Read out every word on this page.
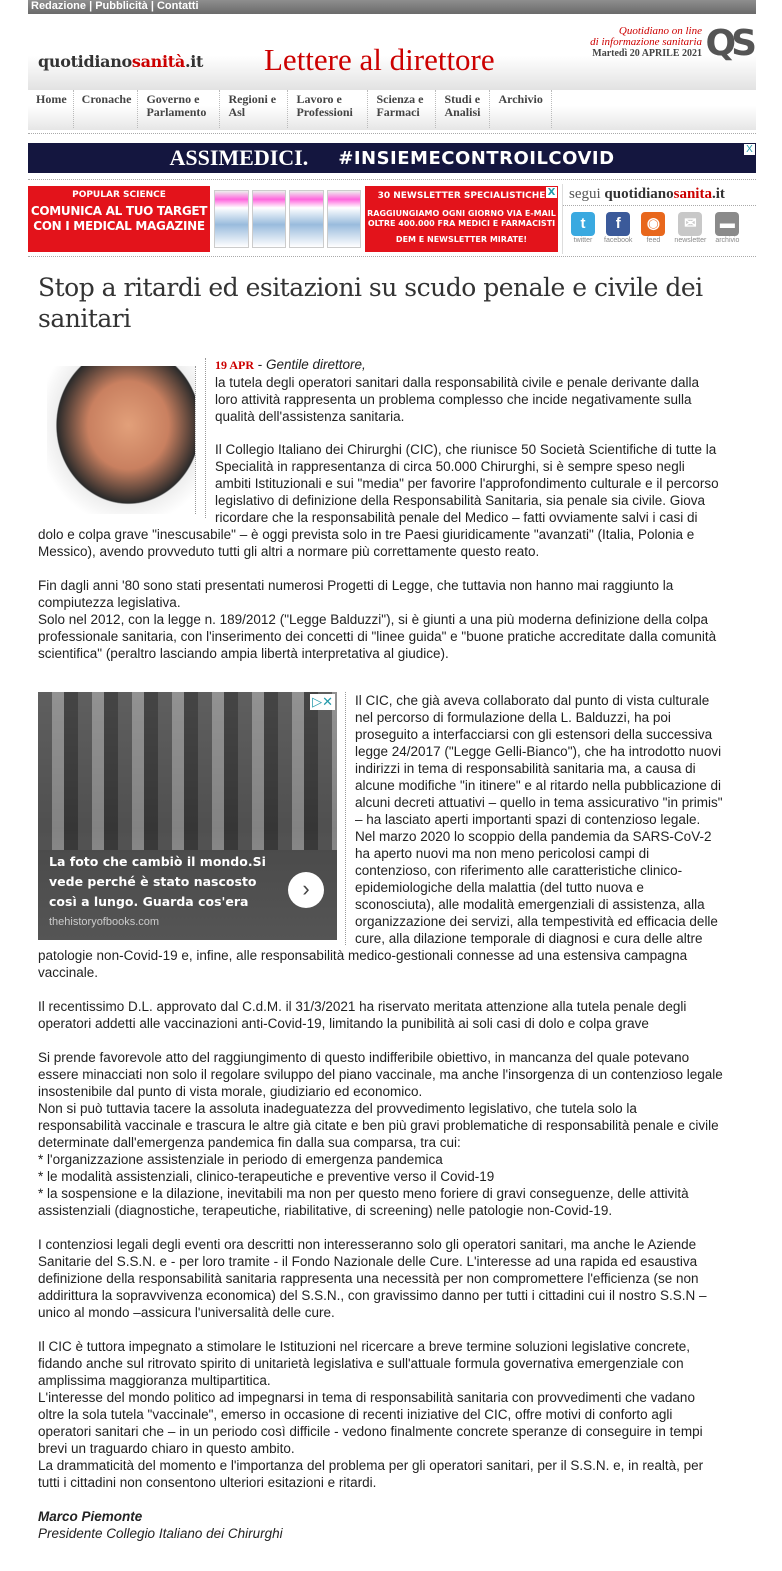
Redazione | Pubblicità | Contatti
quotidianosanità.it Lettere al direttore
Quotidiano on line
di informazione sanitaria
Martedì 20 APRILE 2021 QS
Home	Cronache	Governo e Parlamento
Regioni e Asl
Lavoro e Professioni
Scienza e Farmaci
Studi e Analisi
Archivio
ASSIMEDICI. #INSIEMECONTROILCOVID	X
POPULAR SCIENCE
COMUNICA AL TUO TARGET CON I MEDICAL MAGAZINE
30 NEWSLETTER SPECIALISTICHE
RAGGIUNGIAMO OGNI GIORNO VIA E-MAIL OLTRE 400.000 FRA MEDICI E FARMACISTI
DEM E NEWSLETTER MIRATE!
X segui quotidianosanita.it
t
twitter
f
facebook
◉
feed
✉
newsletter
▬
archivio
Stop a ritardi ed esitazioni su scudo penale e civile dei sanitari
19 APR - Gentile direttore,
la tutela degli operatori sanitari dalla responsabilità civile e penale derivante dalla loro attività rappresenta un problema complesso che incide negativamente sulla qualità dell'assistenza sanitaria.

Il Collegio Italiano dei Chirurghi (CIC), che riunisce 50 Società Scientifiche di tutte la Specialità in rappresentanza di circa 50.000 Chirurghi, si è sempre speso negli ambiti Istituzionali e sui "media" per favorire l'approfondimento culturale e il percorso legislativo di definizione della Responsabilità Sanitaria, sia penale sia civile. Giova ricordare che la responsabilità penale del Medico – fatti ovviamente salvi i casi di dolo e colpa grave "inescusabile" – è oggi prevista solo in tre Paesi giuridicamente "avanzati" (Italia, Polonia e Messico), avendo provveduto tutti gli altri a normare più correttamente questo reato.

Fin dagli anni '80 sono stati presentati numerosi Progetti di Legge, che tuttavia non hanno mai raggiunto la compiutezza legislativa.

Solo nel 2012, con la legge n. 189/2012 ("Legge Balduzzi"), si è giunti a una più moderna definizione della colpa professionale sanitaria, con l'inserimento dei concetti di "linee guida" e "buone pratiche accreditate dalla comunità scientifica" (peraltro lasciando ampia libertà interpretativa al giudice).

▷✕
La foto che cambiò il mondo.Si vede perché è stato nascosto così a lungo. Guarda cos'era
thehistoryofbooks.com
›
Il CIC, che già aveva collaborato dal punto di vista culturale nel percorso di formulazione della L. Balduzzi, ha poi proseguito a interfacciarsi con gli estensori della successiva legge 24/2017 ("Legge Gelli-Bianco"), che ha introdotto nuovi indirizzi in tema di responsabilità sanitaria ma, a causa di alcune modifiche "in itinere" e al ritardo nella pubblicazione di alcuni decreti attuativi – quello in tema assicurativo "in primis" – ha lasciato aperti importanti spazi di contenzioso legale.
Nel marzo 2020 lo scoppio della pandemia da SARS-CoV-2 ha aperto nuovi ma non meno pericolosi campi di contenzioso, con riferimento alle caratteristiche clinico-epidemiologiche della malattia (del tutto nuova e sconosciuta), alle modalità emergenziali di assistenza, alla organizzazione dei servizi, alla tempestività ed efficacia delle cure, alla dilazione temporale di diagnosi e cura delle altre patologie non-Covid-19 e, infine, alle responsabilità medico-gestionali connesse ad una estensiva campagna vaccinale.

Il recentissimo D.L. approvato dal C.d.M. il 31/3/2021 ha riservato meritata attenzione alla tutela penale degli operatori addetti alle vaccinazioni anti-Covid-19, limitando la punibilità ai soli casi di dolo e colpa grave

Si prende favorevole atto del raggiungimento di questo indifferibile obiettivo, in mancanza del quale potevano essere minacciati non solo il regolare sviluppo del piano vaccinale, ma anche l'insorgenza di un contenzioso legale insostenibile dal punto di vista morale, giudiziario ed economico.
Non si può tuttavia tacere la assoluta inadeguatezza del provvedimento legislativo, che tutela solo la responsabilità vaccinale e trascura le altre già citate e ben più gravi problematiche di responsabilità penale e civile determinate dall'emergenza pandemica fin dalla sua comparsa, tra cui:
* l'organizzazione assistenziale in periodo di emergenza pandemica
* le modalità assistenziali, clinico-terapeutiche e preventive verso il Covid-19

* la sospensione e la dilazione, inevitabili ma non per questo meno foriere di gravi conseguenze, delle attività assistenziali (diagnostiche, terapeutiche, riabilitative, di screening) nelle patologie non-Covid-19.

I contenziosi legali degli eventi ora descritti non interesseranno solo gli operatori sanitari, ma anche le Aziende Sanitarie del S.S.N. e - per loro tramite - il Fondo Nazionale delle Cure. L'interesse ad una rapida ed esaustiva definizione della responsabilità sanitaria rappresenta una necessità per non compromettere l'efficienza (se non addirittura la sopravvivenza economica) del S.S.N., con gravissimo danno per tutti i cittadini cui il nostro S.S.N – unico al mondo –assicura l'universalità delle cure.

Il CIC è tuttora impegnato a stimolare le Istituzioni nel ricercare a breve termine soluzioni legislative concrete, fidando anche sul ritrovato spirito di unitarietà legislativa e sull'attuale formula governativa emergenziale con amplissima maggioranza multipartitica.
L'interesse del mondo politico ad impegnarsi in tema di responsabilità sanitaria con provvedimenti che vadano oltre la sola tutela "vaccinale", emerso in occasione di recenti iniziative del CIC, offre motivi di conforto agli operatori sanitari che – in un periodo così difficile - vedono finalmente concrete speranze di conseguire in tempi brevi un traguardo chiaro in questo ambito.

La drammaticità del momento e l'importanza del problema per gli operatori sanitari, per il S.S.N. e, in realtà, per tutti i cittadini non consentono ulteriori esitazioni e ritardi.

Marco Piemonte
Presidente Collegio Italiano dei Chirurghi
